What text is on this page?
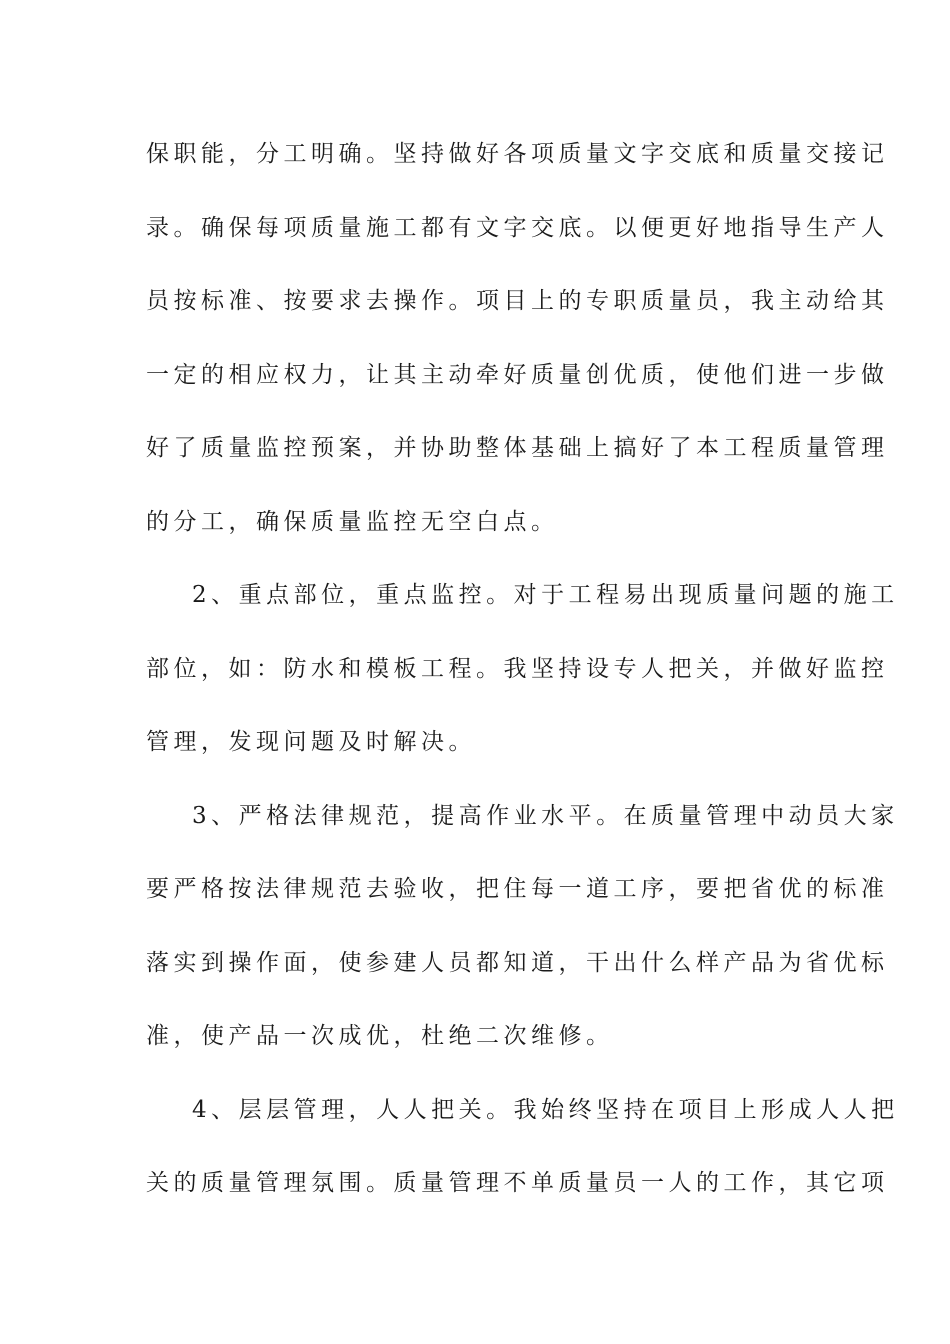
保职能，分工明确。坚持做好各项质量文字交底和质量交接记
录。确保每项质量施工都有文字交底。以便更好地指导生产人
员按标准、按要求去操作。项目上的专职质量员，我主动给其
一定的相应权力，让其主动牵好质量创优质，使他们进一步做
好了质量监控预案，并协助整体基础上搞好了本工程质量管理
的分工，确保质量监控无空白点。
2、重点部位，重点监控。对于工程易出现质量问题的施工
部位，如：防水和模板工程。我坚持设专人把关，并做好监控
管理，发现问题及时解决。
3、严格法律规范，提高作业水平。在质量管理中动员大家
要严格按法律规范去验收，把住每一道工序，要把省优的标准
落实到操作面，使参建人员都知道，干出什么样产品为省优标
准，使产品一次成优，杜绝二次维修。
4、层层管理，人人把关。我始终坚持在项目上形成人人把
关的质量管理氛围。质量管理不单质量员一人的工作，其它项
